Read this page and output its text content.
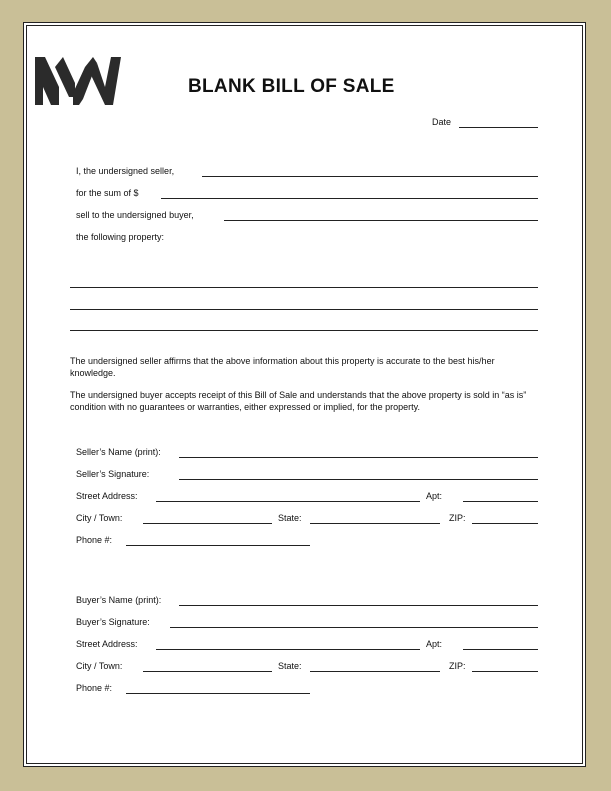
BLANK BILL OF SALE
Date
I, the undersigned seller,
for the sum of $
sell to the undersigned buyer,
the following property:
The undersigned seller affirms that the above information about this property is accurate to the best his/her knowledge.
The undersigned buyer accepts receipt of this Bill of Sale and understands that the above property is sold in “as is” condition with no guarantees or warranties, either expressed or implied, for the property.
Seller’s Name (print):
Seller’s Signature:
Street Address:	Apt:
City / Town:	State:	ZIP:
Phone #:
Buyer’s Name (print):
Buyer’s Signature:
Street Address:	Apt:
City / Town:	State:	ZIP:
Phone #:
